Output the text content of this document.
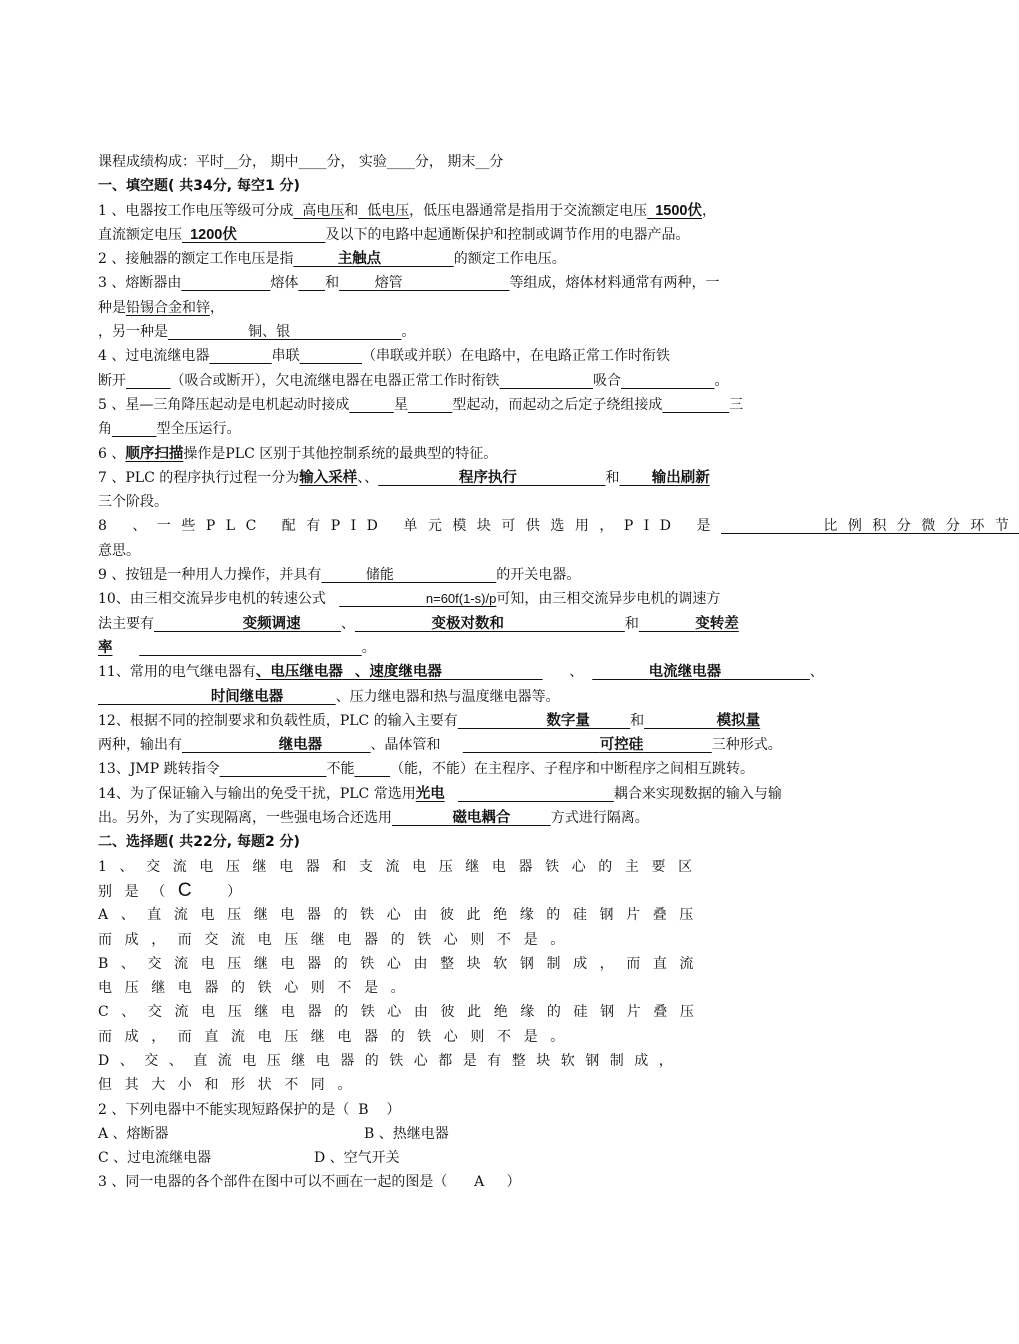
课程成绩构成：平时__分， 期中____分， 实验____分， 期末__分
一、填空题( 共34分, 每空1 分)
1 、电器按工作电压等级可分成 高电压和 低电压，低压电器通常是指用于交流额定电压 1500伏，
直流额定电压 1200伏	及以下的电路中起通断保护和控制或调节作用的电器产品。
2 、接触器的额定工作电压是指	主触点	的额定工作电压。
3 、熔断器由	熔体 和	熔管	等组成，熔体材料通常有两种，一
种是铅锡合金和锌，
，另一种是	铜、银	。
4 、过电流继电器	串联	（串联或并联）在电路中，在电路正常工作时衔铁
断开	（吸合或断开），欠电流继电器在电器正常工作时衔铁	吸合	。
5 、星—三角降压起动是电机起动时接成	星	型起动，而起动之后定子绕组接成	三
角	型全压运行。
6 、顺序扫描操作是PLC 区别于其他控制系统的最典型的特征。
7 、PLC 的程序执行过程一分为输入采样、、	程序执行	和 输出刷新
三个阶段。
8 、一些PLC 配有PID 单元模块可供选用，PID 是	比例积分微分环节
意思。
9 、按钮是一种用人力操作，并具有	储能	的开关电器。
10、由三相交流异步电机的转速公式	n=60f(1-s)/p可知，由三相交流异步电机的调速方
法主要有	变频调速	、	变极对数和	和	变转差
率	。
11、常用的电气继电器有、电压继电器 、速度继电器	、	电流继电器	、
时间继电器	、压力继电器和热与温度继电器等。
12、根据不同的控制要求和负载性质，PLC 的输入主要有	数字量	和	模拟量
两种，输出有	继电器	、晶体管和	可控硅	三种形式。
13、JMP 跳转指令	不能	（能，不能）在主程序、子程序和中断程序之间相互跳转。
14、为了保证输入与输出的免受干扰，PLC 常选用光电	耦合来实现数据的输入与输
出。另外，为了实现隔离，一些强电场合还选用	磁电耦合	方式进行隔离。
二、选择题( 共22分, 每题2 分)
1、交流电压继电器和支流电压继电器铁心的主要区
别是（C	）
A、直流电压继电器的铁心由彼此绝缘的硅钢片叠压
而成，而交流电压继电器的铁心则不是。
B、交流电压继电器的铁心由整块软钢制成，而直流
电压继电器的铁心则不是。
C、交流电压继电器的铁心由彼此绝缘的硅钢片叠压
而成，而直流电压继电器的铁心则不是。
D、交、直流电压继电器的铁心都是有整块软钢制成，
但其大小和形状不同。
2 、下列电器中不能实现短路保护的是（ B ）
A 、熔断器	B 、热继电器
C 、过电流继电器	D 、空气开关
3 、同一电器的各个部件在图中可以不画在一起的图是（ A ）
